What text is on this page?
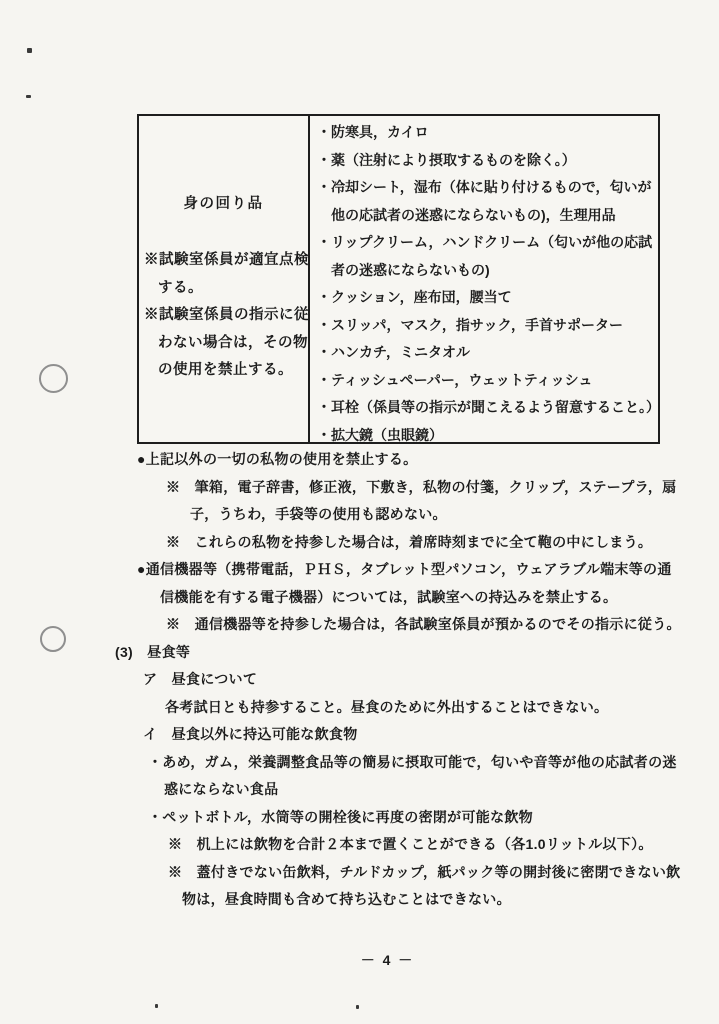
身の回り品
※試験室係員が適宜点検
する。
※試験室係員の指示に従
わない場合は，その物
の使用を禁止する。
・防寒具，カイロ
・薬（注射により摂取するものを除く。）
・冷却シート，湿布（体に貼り付けるもので，匂いが
他の応試者の迷惑にならないもの)，生理用品
・リップクリーム，ハンドクリーム（匂いが他の応試
者の迷惑にならないもの)
・クッション，座布団，腰当て
・スリッパ，マスク，指サック，手首サポーター
・ハンカチ，ミニタオル
・ティッシュペーパー，ウェットティッシュ
・耳栓（係員等の指示が聞こえるよう留意すること。）
・拡大鏡（虫眼鏡）
●上記以外の一切の私物の使用を禁止する。
※　筆箱，電子辞書，修正液，下敷き，私物の付箋，クリップ，ステープラ，扇
子，うちわ，手袋等の使用も認めない。
※　これらの私物を持参した場合は，着席時刻までに全て鞄の中にしまう。
●通信機器等（携帯電話，ＰＨＳ，タブレット型パソコン，ウェアラブル端末等の通
信機能を有する電子機器）については，試験室への持込みを禁止する。
※　通信機器等を持参した場合は，各試験室係員が預かるのでその指示に従う。
(3)　昼食等
ア　昼食について
各考試日とも持参すること。昼食のために外出することはできない。
イ　昼食以外に持込可能な飲食物
・あめ，ガム，栄養調整食品等の簡易に摂取可能で，匂いや音等が他の応試者の迷
惑にならない食品
・ペットボトル，水筒等の開栓後に再度の密閉が可能な飲物
※　机上には飲物を合計２本まで置くことができる（各1.0リットル以下）。
※　蓋付きでない缶飲料，チルドカップ，紙パック等の開封後に密閉できない飲
物は，昼食時間も含めて持ち込むことはできない。
－ 4 －
